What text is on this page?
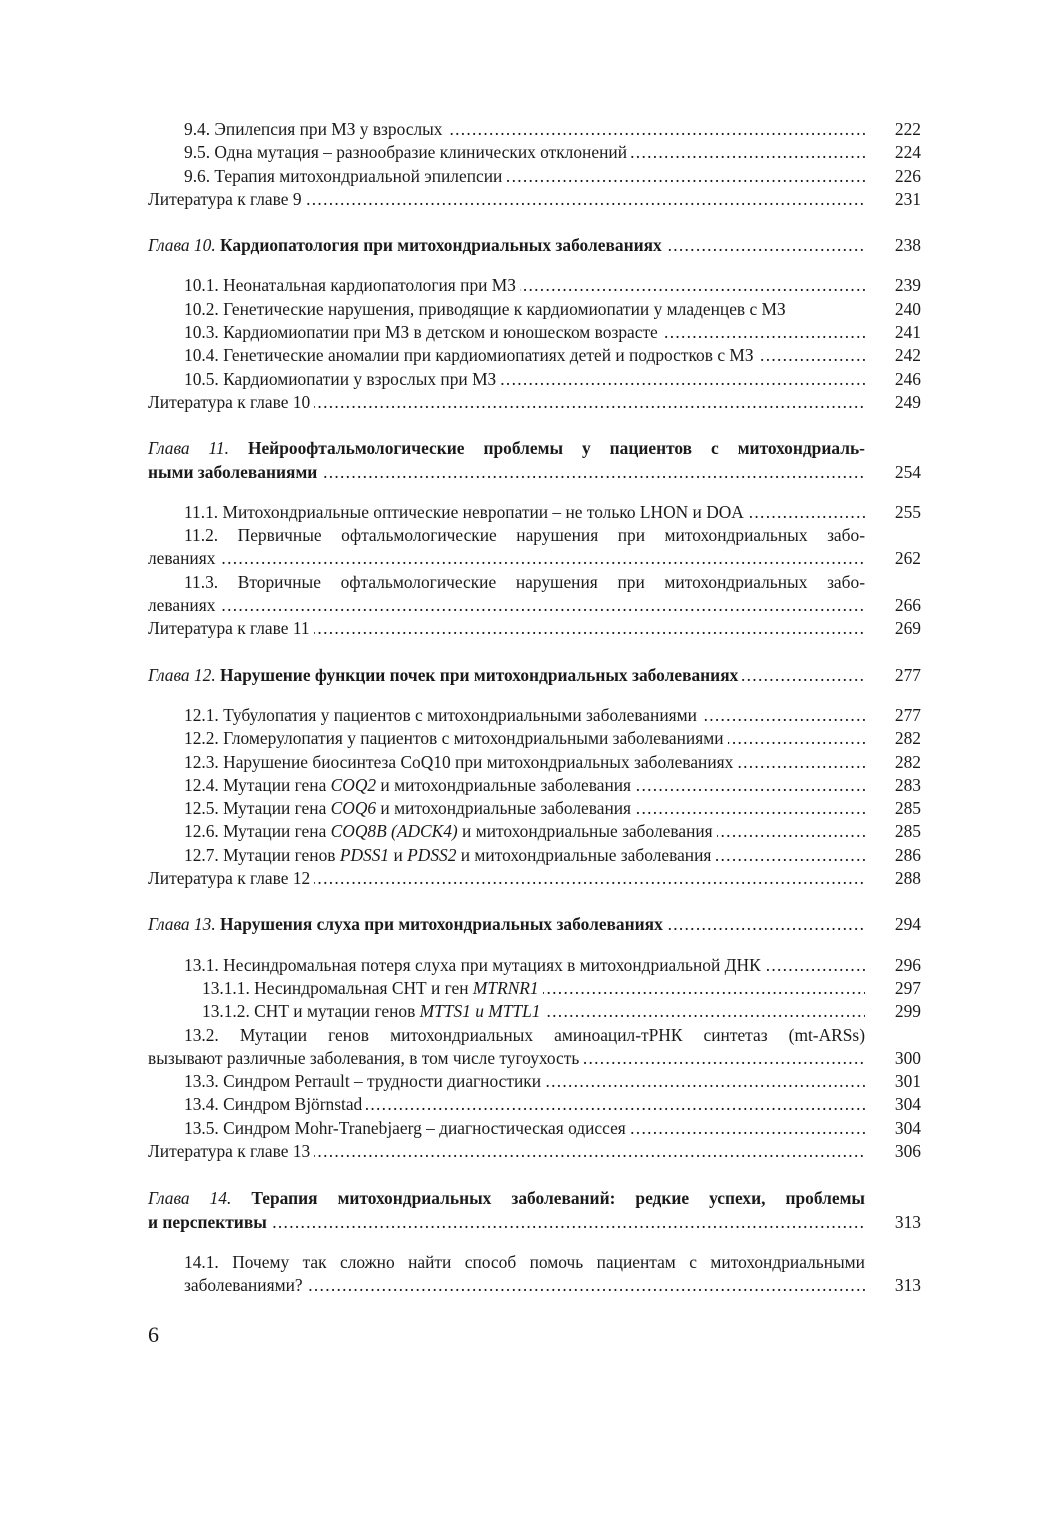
.....
9.4. Эпилепсия при МЗ у взрослых	222
.....
9.5. Одна мутация – разнообразие клинических отклонений	224
.....
9.6. Терапия митохондриальной эпилепсии	226
.....
Литература к главе 9	231
.....
Глава 10. Кардиопатология при митохондриальных заболеваниях	238
.....
10.1. Неонатальная кардиопатология при МЗ	239
10.2. Генетические нарушения, приводящие к кардиомиопатии у младенцев с МЗ	240
.....
10.3. Кардиомиопатии при МЗ в детском и юношеском возрасте	241
.....
10.4. Генетические аномалии при кардиомиопатиях детей и подростков с МЗ	242
.....
10.5. Кардиомиопатии у взрослых при МЗ	246
.....
Литература к главе 10	249
Глава 11. Нейроофтальмологические проблемы у пациентов с митохондриаль-
.....
ными заболеваниями	254
.....
11.1. Митохондриальные оптические невропатии – не только LHON и DOA	255
11.2. Первичные офтальмологические нарушения при митохондриальных забо-
.....
леваниях	262
11.3. Вторичные офтальмологические нарушения при митохондриальных забо-
.....
леваниях	266
.....
Литература к главе 11	269
.....
Глава 12. Нарушение функции почек при митохондриальных заболеваниях	277
.....
12.1. Тубулопатия у пациентов с митохондриальными заболеваниями	277
.....
12.2. Гломерулопатия у пациентов с митохондриальными заболеваниями	282
.....
12.3. Нарушение биосинтеза CoQ10 при митохондриальных заболеваниях	282
.....
12.4. Мутации гена COQ2 и митохондриальные заболевания	283
.....
12.5. Мутации гена COQ6 и митохондриальные заболевания	285
.....
12.6. Мутации гена COQ8B (ADCK4) и митохондриальные заболевания	285
.....
12.7. Мутации генов PDSS1 и PDSS2 и митохондриальные заболевания	286
.....
Литература к главе 12	288
.....
Глава 13. Нарушения слуха при митохондриальных заболеваниях	294
.....
13.1. Несиндромальная потеря слуха при мутациях в митохондриальной ДНК	296
.....
13.1.1. Несиндромальная СНТ и ген MTRNR1	297
.....
13.1.2. СНТ и мутации генов MTTS1 и MTTL1	299
13.2. Мутации генов митохондриальных аминоацил-тРНК синтетаз (mt-ARSs)
.....
вызывают различные заболевания, в том числе тугоухость	300
.....
13.3. Синдром Perrault – трудности диагностики	301
.....
13.4. Синдром Björnstad	304
.....
13.5. Синдром Mohr-Tranebjaerg – диагностическая одиссея	304
.....
Литература к главе 13	306
Глава 14. Терапия митохондриальных заболеваний: редкие успехи, проблемы
.....
и перспективы	313
14.1. Почему так сложно найти способ помочь пациентам с митохондриальными
.....
заболеваниями?	313
6
